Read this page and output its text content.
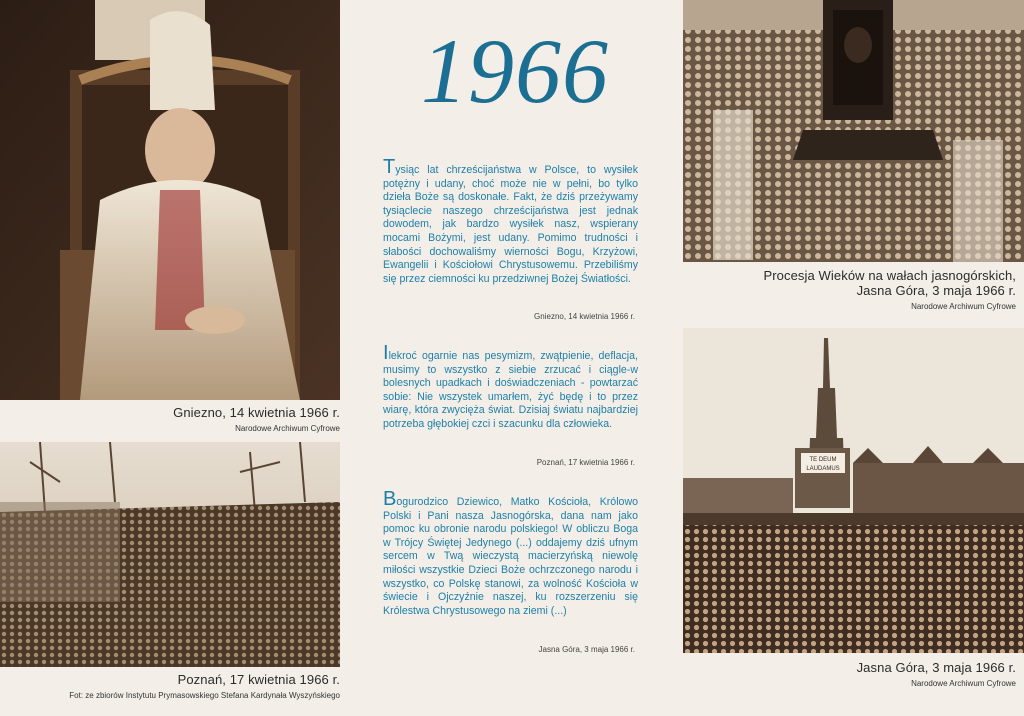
Gniezno, 14 kwietnia 1966 r.
Narodowe Archiwum Cyfrowe
Poznań, 17 kwietnia 1966 r.
Fot: ze zbiorów Instytutu Prymasowskiego Stefana Kardynała Wyszyńskiego
1966
Tysiąc lat chrześcijaństwa w Polsce, to wysiłek potężny i udany, choć może nie w pełni, bo tylko dzieła Boże są doskonałe. Fakt, że dziś przeżywamy tysiąclecie naszego chrześcijaństwa jest jednak dowodem, jak bardzo wysiłek nasz, wspierany mocami Bożymi, jest udany. Pomimo trudności i słabości dochowaliśmy wierności Bogu, Krzyżowi, Ewangelii i Kościołowi Chrystusowemu. Przebiliśmy się przez ciemności ku przedziwnej Bożej Światłości.
Gniezno, 14 kwietnia 1966 r.
Ilekroć ogarnie nas pesymizm, zwątpienie, deflacja, musimy to wszystko z siebie zrzucać i ciągle-w bolesnych upadkach i doświadczeniach - powtarzać sobie: Nie wszystek umarłem, żyć będę i to przez wiarę, która zwycięża świat. Dzisiaj światu najbardziej potrzeba głębokiej czci i szacunku dla człowieka.
Poznań, 17 kwietnia 1966 r.
Bogurodzico Dziewico, Matko Kościoła, Królowo Polski i Pani nasza Jasnogórska, dana nam jako pomoc ku obronie narodu polskiego! W obliczu Boga w Trójcy Świętej Jedynego (...) oddajemy dziś ufnym sercem w Twą wieczystą macierzyńską niewolę miłości wszystkie Dzieci Boże ochrzczonego narodu i wszystko, co Polskę stanowi, za wolność Kościoła w świecie i Ojczyźnie naszej, ku rozszerzeniu się Królestwa Chrystusowego na ziemi (...)
Jasna Góra, 3 maja 1966 r.
Procesja Wieków na wałach jasnogórskich,
Jasna Góra, 3 maja 1966 r.
Narodowe Archiwum Cyfrowe
TE DEUM
LAUDAMUS
Jasna Góra, 3 maja 1966 r.
Narodowe Archiwum Cyfrowe
